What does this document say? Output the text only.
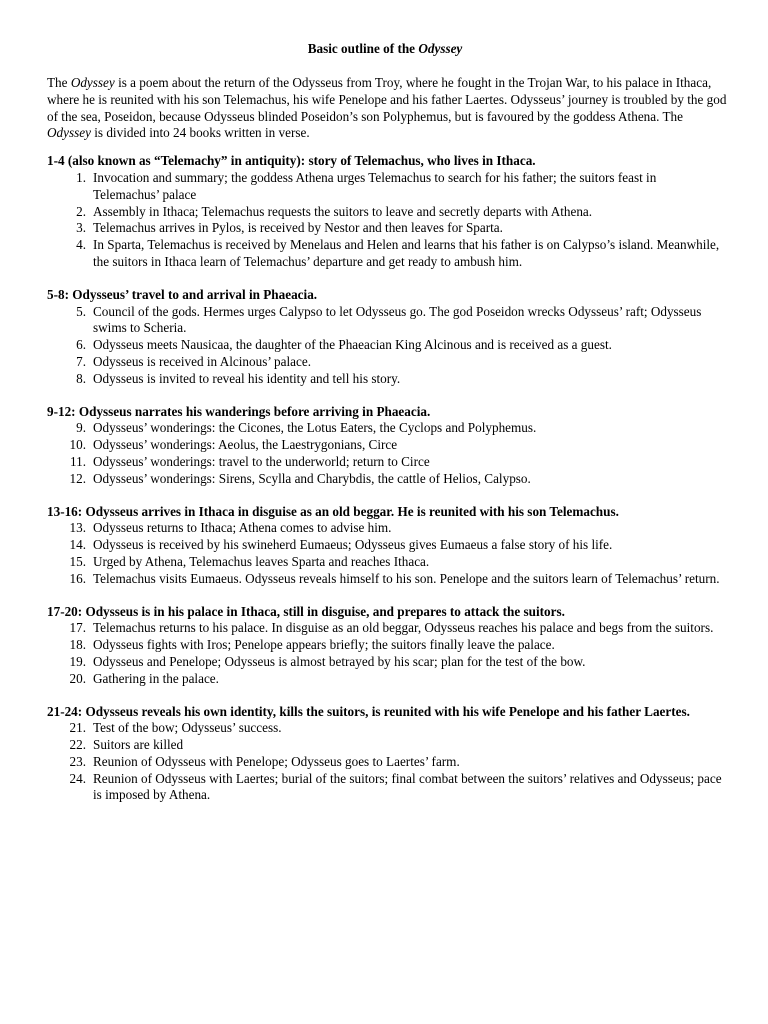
Basic outline of the Odyssey

The Odyssey is a poem about the return of the Odysseus from Troy, where he fought in the Trojan War, to his palace in Ithaca, where he is reunited with his son Telemachus, his wife Penelope and his father Laertes. Odysseus’ journey is troubled by the god of the sea, Poseidon, because Odysseus blinded Poseidon’s son Polyphemus, but is favoured by the goddess Athena. The Odyssey is divided into 24 books written in verse.

1-4 (also known as “Telemachy” in antiquity): story of Telemachus, who lives in Ithaca.

1. Invocation and summary; the goddess Athena urges Telemachus to search for his father; the suitors feast in Telemachus’ palace
2. Assembly in Ithaca; Telemachus requests the suitors to leave and secretly departs with Athena.
3. Telemachus arrives in Pylos, is received by Nestor and then leaves for Sparta.
4. In Sparta, Telemachus is received by Menelaus and Helen and learns that his father is on Calypso’s island. Meanwhile, the suitors in Ithaca learn of Telemachus’ departure and get ready to ambush him.

5-8: Odysseus’ travel to and arrival in Phaeacia.

5. Council of the gods. Hermes urges Calypso to let Odysseus go. The god Poseidon wrecks Odysseus’ raft; Odysseus swims to Scheria.
6. Odysseus meets Nausicaa, the daughter of the Phaeacian King Alcinous and is received as a guest.
7. Odysseus is received in Alcinous’ palace.
8. Odysseus is invited to reveal his identity and tell his story.

9-12: Odysseus narrates his wanderings before arriving in Phaeacia.

9. Odysseus’ wonderings: the Cicones, the Lotus Eaters, the Cyclops and Polyphemus.
10. Odysseus’ wonderings: Aeolus, the Laestrygonians, Circe
11. Odysseus’ wonderings: travel to the underworld; return to Circe
12. Odysseus’ wonderings: Sirens, Scylla and Charybdis, the cattle of Helios, Calypso.

13-16: Odysseus arrives in Ithaca in disguise as an old beggar. He is reunited with his son Telemachus.

13. Odysseus returns to Ithaca; Athena comes to advise him.
14. Odysseus is received by his swineherd Eumaeus; Odysseus gives Eumaeus a false story of his life.
15. Urged by Athena, Telemachus leaves Sparta and reaches Ithaca.
16. Telemachus visits Eumaeus. Odysseus reveals himself to his son. Penelope and the suitors learn of Telemachus’ return.

17-20: Odysseus is in his palace in Ithaca, still in disguise, and prepares to attack the suitors.

17. Telemachus returns to his palace. In disguise as an old beggar, Odysseus reaches his palace and begs from the suitors.
18. Odysseus fights with Iros; Penelope appears briefly; the suitors finally leave the palace.
19. Odysseus and Penelope; Odysseus is almost betrayed by his scar; plan for the test of the bow.
20. Gathering in the palace.

21-24: Odysseus reveals his own identity, kills the suitors, is reunited with his wife Penelope and his father Laertes.

21. Test of the bow; Odysseus’ success.
22. Suitors are killed
23. Reunion of Odysseus with Penelope; Odysseus goes to Laertes’ farm.
24. Reunion of Odysseus with Laertes; burial of the suitors; final combat between the suitors’ relatives and Odysseus; pace is imposed by Athena.
